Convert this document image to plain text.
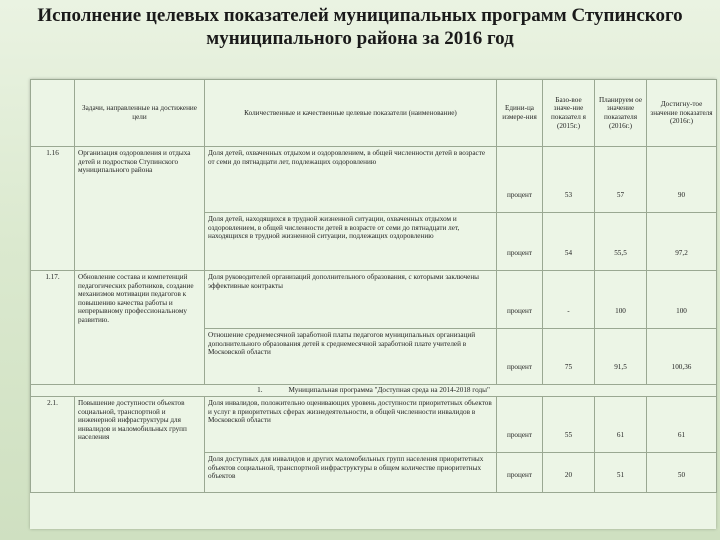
Исполнение целевых показателей муниципальных программ Ступинского
муниципального района за 2016 год
	Задачи, направленные на достижение цели	Количественные и качественные целевые показатели (наименование)	Едини-ца измере-ния	Базо-вое значе-ние показател я (2015г.)	Планируем ое значение показателя (2016г.)	Достигну-тое значение показателя (2016г.)
1.16	Организация оздоровления и отдыха детей и подростков Ступинского муниципального района	Доля детей, охваченных отдыхом и оздоровлением, в общей численности детей в возрасте от семи до пятнадцати лет, подлежащих оздоровлению	процент	53	57	90
		Доля детей, находящихся в трудной жизненной ситуации, охваченных отдыхом и оздоровлением, в общей численности детей в возрасте от семи до пятнадцати лет, находящихся в трудной жизненной ситуации, подлежащих оздоровлению	процент	54	55,5	97,2
1.17.	Обновление состава и компетенций педагогических работников, создание механизмов мотивации педагогов к повышению качества работы и непрерывному профессиональному развитию.	Доля руководителей организаций дополнительного образования, с которыми заключены эффективные контракты	процент	-	100	100
		Отношение среднемесячной заработной платы педагогов муниципальных организаций дополнительного образования детей к среднемесячной заработной плате учителей в Московской области	процент	75	91,5	100,36
1. Муниципальная программа "Доступная среда на 2014-2018 годы"						
2.1.	Повышение доступности объектов социальной, транспортной и инженерной инфраструктуры для инвалидов и маломобильных групп населения	Доля инвалидов, положительно оценивающих уровень доступности приоритетных объектов и услуг в приоритетных сферах жизнедеятельности, в общей численности инвалидов в Московской области	процент	55	61	61
		Доля доступных для инвалидов и других маломобильных групп населения приоритетных объектов социальной, транспортной инфраструктуры в общем количестве приоритетных объектов	процент	20	51	50
